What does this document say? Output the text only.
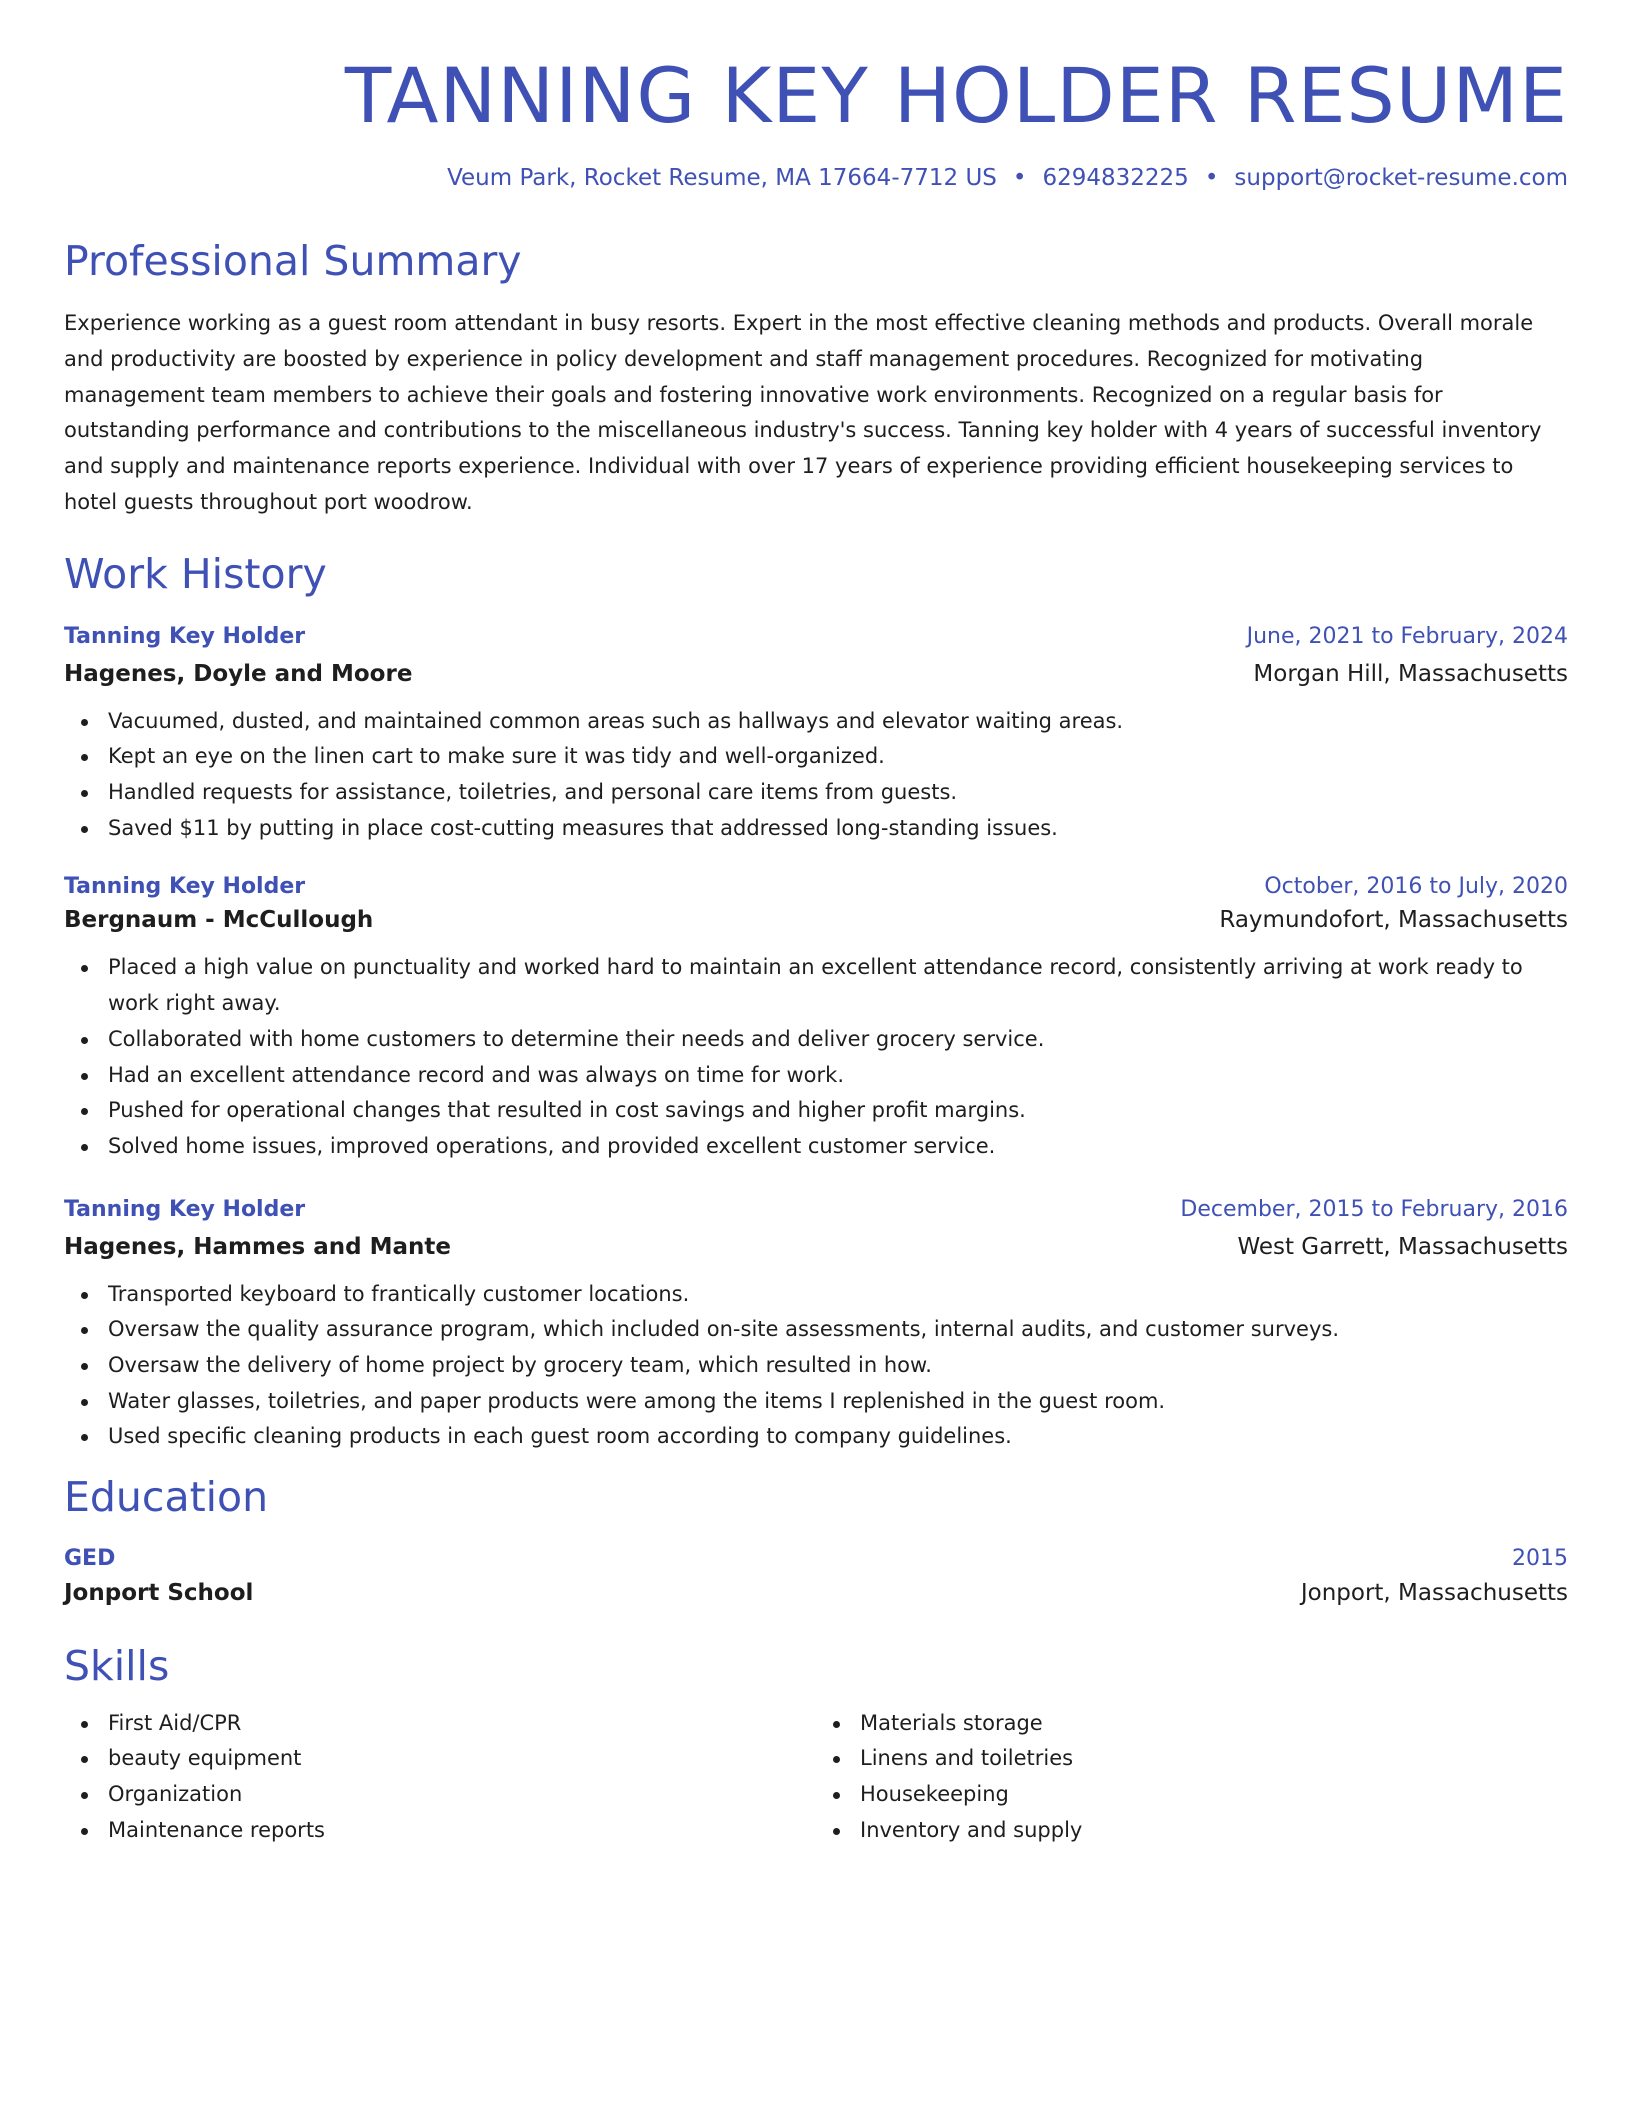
TANNING KEY HOLDER RESUME
Veum Park, Rocket Resume, MA 17664-7712 US • 6294832225 • support@rocket-resume.com
Professional Summary

Experience working as a guest room attendant in busy resorts. Expert in the most effective cleaning methods and products. Overall morale and productivity are boosted by experience in policy development and staff management procedures. Recognized for motivating management team members to achieve their goals and fostering innovative work environments. Recognized on a regular basis for outstanding performance and contributions to the miscellaneous industry's success. Tanning key holder with 4 years of successful inventory and supply and maintenance reports experience. Individual with over 17 years of experience providing efficient housekeeping services to hotel guests throughout port woodrow.

Work History
Tanning Key Holder	June, 2021 to February, 2024
Hagenes, Doyle and Moore	Morgan Hill, Massachusetts
Vacuumed, dusted, and maintained common areas such as hallways and elevator waiting areas.
Kept an eye on the linen cart to make sure it was tidy and well-organized.
Handled requests for assistance, toiletries, and personal care items from guests.
Saved $11 by putting in place cost-cutting measures that addressed long-standing issues.
Tanning Key Holder	October, 2016 to July, 2020
Bergnaum - McCullough	Raymundofort, Massachusetts
Placed a high value on punctuality and worked hard to maintain an excellent attendance record, consistently arriving at work ready to work right away.
Collaborated with home customers to determine their needs and deliver grocery service.
Had an excellent attendance record and was always on time for work.
Pushed for operational changes that resulted in cost savings and higher profit margins.
Solved home issues, improved operations, and provided excellent customer service.
Tanning Key Holder	December, 2015 to February, 2016
Hagenes, Hammes and Mante	West Garrett, Massachusetts
Transported keyboard to frantically customer locations.
Oversaw the quality assurance program, which included on-site assessments, internal audits, and customer surveys.
Oversaw the delivery of home project by grocery team, which resulted in how.
Water glasses, toiletries, and paper products were among the items I replenished in the guest room.
Used specific cleaning products in each guest room according to company guidelines.
Education
GED	2015
Jonport School	Jonport, Massachusetts
Skills
First Aid/CPR
beauty equipment
Organization
Maintenance reports
Materials storage
Linens and toiletries
Housekeeping
Inventory and supply
